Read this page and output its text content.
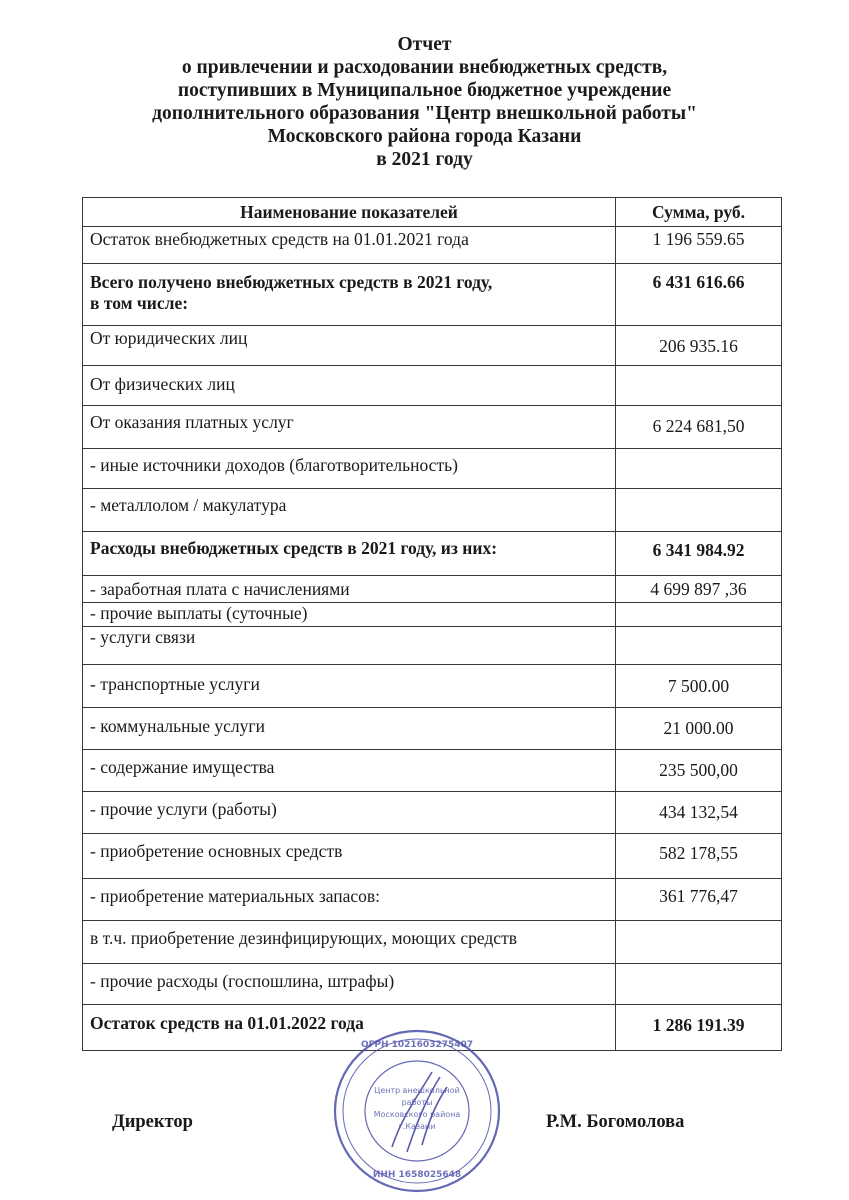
Отчет
о привлечении и расходовании внебюджетных средств,
поступивших в Муниципальное бюджетное учреждение
дополнительного образования "Центр внешкольной работы"
Московского района города Казани
в 2021 году
Наименование показателей	Сумма, руб.
Остаток внебюджетных средств на 01.01.2021 года	1 196 559.65

Всего получено внебюджетных средств в 2021 году,
в том числе:	6 431 616.66
От юридических лиц	206 935.16
От физических лиц	
От оказания платных услуг	6 224 681,50
- иные источники доходов (благотворительность)	
- металлолом / макулатура	
Расходы внебюджетных средств в 2021 году, из них:	6 341 984.92
- заработная плата с начислениями	4 699 897 ,36
- прочие выплаты (суточные)	
- услуги связи	
- транспортные услуги	7 500.00
- коммунальные услуги	21 000.00
- содержание имущества	235 500,00
- прочие услуги (работы)	434 132,54
- приобретение основных средств	582 178,55
- приобретение материальных запасов:	361 776,47
в т.ч. приобретение дезинфицирующих, моющих средств	
- прочие расходы (госпошлина, штрафы)	
Остаток средств на 01.01.2022 года	1 286 191.39
Директор	Р.М. Богомолова
ОГРН 1021603275407
Центр внешкольной
работы
Московского района
г.Казани
ИНН 1658025648
